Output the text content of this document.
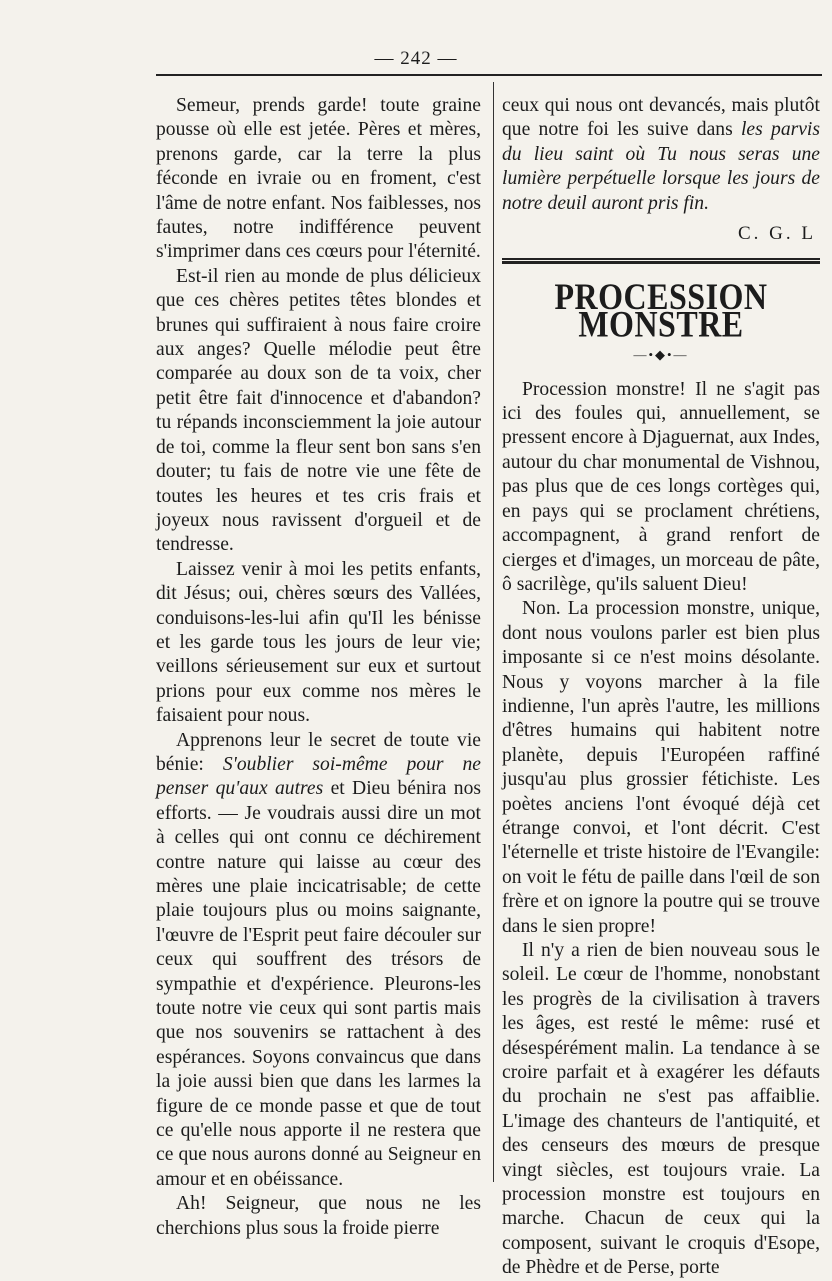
— 242 —

Semeur, prends garde! toute graine pousse où elle est jetée. Pères et mères, prenons garde, car la terre la plus féconde en ivraie ou en froment, c'est l'âme de notre enfant. Nos faiblesses, nos fautes, notre indifférence peuvent s'imprimer dans ces cœurs pour l'éternité.

Est-il rien au monde de plus délicieux que ces chères petites têtes blondes et brunes qui suffiraient à nous faire croire aux anges? Quelle mélodie peut être comparée au doux son de ta voix, cher petit être fait d'innocence et d'abandon? tu répands inconsciemment la joie autour de toi, comme la fleur sent bon sans s'en douter; tu fais de notre vie une fête de toutes les heures et tes cris frais et joyeux nous ravissent d'orgueil et de tendresse.

Laissez venir à moi les petits enfants, dit Jésus; oui, chères sœurs des Vallées, conduisons-les-lui afin qu'Il les bénisse et les garde tous les jours de leur vie; veillons sérieusement sur eux et surtout prions pour eux comme nos mères le faisaient pour nous.

Apprenons leur le secret de toute vie bénie: S'oublier soi-même pour ne penser qu'aux autres et Dieu bénira nos efforts. — Je voudrais aussi dire un mot à celles qui ont connu ce déchirement contre nature qui laisse au cœur des mères une plaie incicatrisable; de cette plaie toujours plus ou moins saignante, l'œuvre de l'Esprit peut faire découler sur ceux qui souffrent des trésors de sympathie et d'expérience. Pleurons-les toute notre vie ceux qui sont partis mais que nos souvenirs se rattachent à des espérances. Soyons convaincus que dans la joie aussi bien que dans les larmes la figure de ce monde passe et que de tout ce qu'elle nous apporte il ne restera que ce que nous aurons donné au Seigneur en amour et en obéissance.

Ah! Seigneur, que nous ne les cherchions plus sous la froide pierre

ceux qui nous ont devancés, mais plutôt que notre foi les suive dans les parvis du lieu saint où Tu nous seras une lumière perpétuelle lorsque les jours de notre deuil auront pris fin.

C. G. L
PROCESSION MONSTRE
—•◆•—

Procession monstre! Il ne s'agit pas ici des foules qui, annuellement, se pressent encore à Djaguernat, aux Indes, autour du char monumental de Vishnou, pas plus que de ces longs cortèges qui, en pays qui se proclament chrétiens, accompagnent, à grand renfort de cierges et d'images, un morceau de pâte, ô sacrilège, qu'ils saluent Dieu!

Non. La procession monstre, unique, dont nous voulons parler est bien plus imposante si ce n'est moins désolante. Nous y voyons marcher à la file indienne, l'un après l'autre, les millions d'êtres humains qui habitent notre planète, depuis l'Européen raffiné jusqu'au plus grossier fétichiste. Les poètes anciens l'ont évoqué déjà cet étrange convoi, et l'ont décrit. C'est l'éternelle et triste histoire de l'Evangile: on voit le fétu de paille dans l'œil de son frère et on ignore la poutre qui se trouve dans le sien propre!

Il n'y a rien de bien nouveau sous le soleil. Le cœur de l'homme, nonobstant les progrès de la civilisation à travers les âges, est resté le même: rusé et désespérément malin. La tendance à se croire parfait et à exagérer les défauts du prochain ne s'est pas affaiblie. L'image des chanteurs de l'antiquité, et des censeurs des mœurs de presque vingt siècles, est toujours vraie. La procession monstre est toujours en marche. Chacun de ceux qui la composent, suivant le croquis d'Esope, de Phèdre et de Perse, porte
